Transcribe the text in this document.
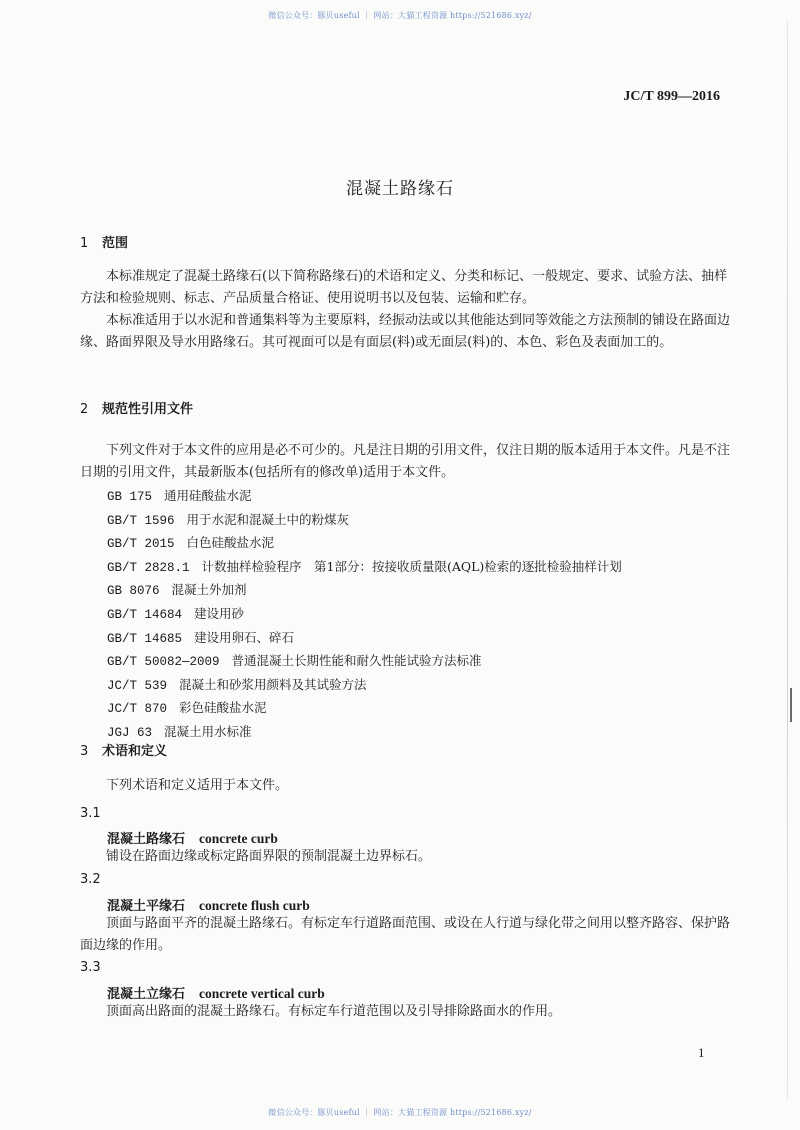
微信公众号：豚贝useful ｜ 网站：大猫工程资源 https://521686.xyz/
JC/T 899—2016
混凝土路缘石
1 范围
本标准规定了混凝土路缘石(以下简称路缘石)的术语和定义、分类和标记、一般规定、要求、试验方法、抽样方法和检验规则、标志、产品质量合格证、使用说明书以及包装、运输和贮存。
本标准适用于以水泥和普通集料等为主要原料，经振动法或以其他能达到同等效能之方法预制的铺设在路面边缘、路面界限及导水用路缘石。其可视面可以是有面层(料)或无面层(料)的、本色、彩色及表面加工的。
2 规范性引用文件
下列文件对于本文件的应用是必不可少的。凡是注日期的引用文件，仅注日期的版本适用于本文件。凡是不注日期的引用文件，其最新版本(包括所有的修改单)适用于本文件。
GB 175 通用硅酸盐水泥
GB/T 1596 用于水泥和混凝土中的粉煤灰
GB/T 2015 白色硅酸盐水泥
GB/T 2828.1 计数抽样检验程序　第1部分：按接收质量限(AQL)检索的逐批检验抽样计划
GB 8076 混凝土外加剂
GB/T 14684 建设用砂
GB/T 14685 建设用卵石、碎石
GB/T 50082—2009 普通混凝土长期性能和耐久性能试验方法标准
JC/T 539 混凝土和砂浆用颜料及其试验方法
JC/T 870 彩色硅酸盐水泥
JGJ 63 混凝土用水标准
3 术语和定义
下列术语和定义适用于本文件。
3.1
混凝土路缘石 concrete curb
铺设在路面边缘或标定路面界限的预制混凝土边界标石。
3.2
混凝土平缘石 concrete flush curb
顶面与路面平齐的混凝土路缘石。有标定车行道路面范围、或设在人行道与绿化带之间用以整齐路容、保护路面边缘的作用。
3.3
混凝土立缘石 concrete vertical curb
顶面高出路面的混凝土路缘石。有标定车行道范围以及引导排除路面水的作用。
1
微信公众号：豚贝useful ｜ 网站：大猫工程资源 https://521686.xyz/
